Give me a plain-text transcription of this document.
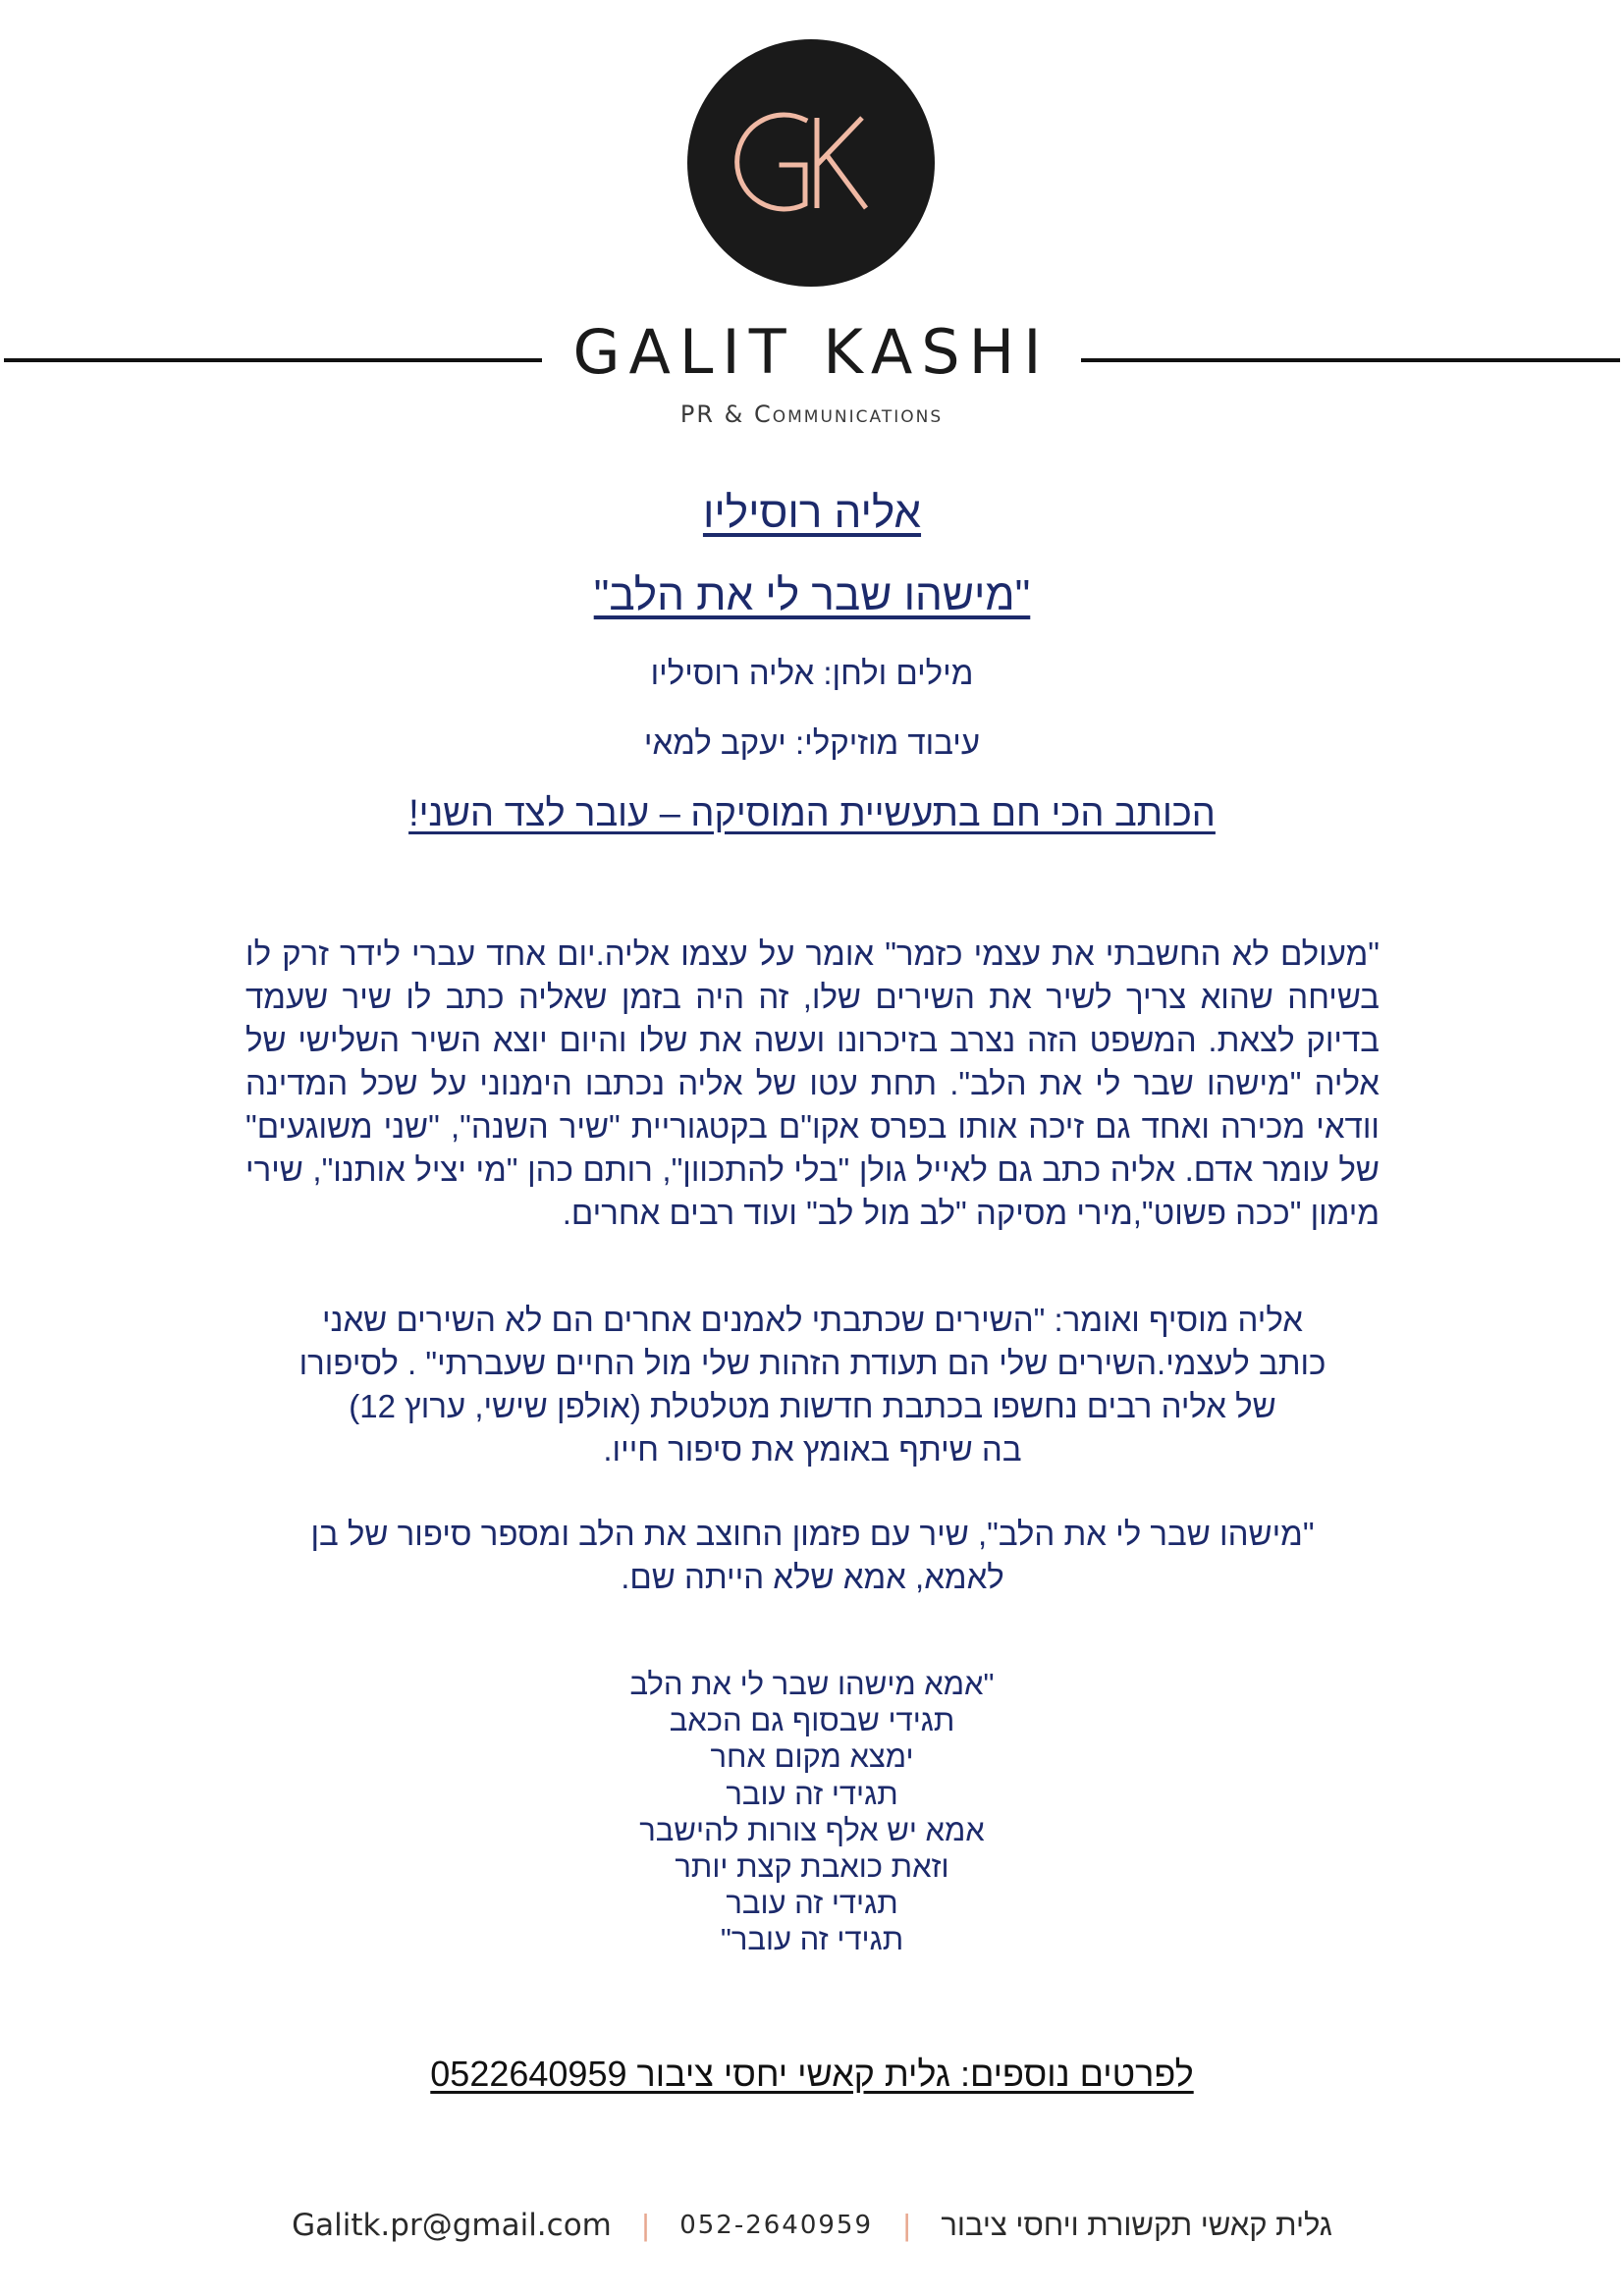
GALIT KASHI
PR & Communications
אליה רוסיליו
"מישהו שבר לי את הלב"
מילים ולחן: אליה רוסיליו
עיבוד מוזיקלי: יעקב למאי
הכותב הכי חם בתעשיית המוסיקה – עובר לצד השני!
"מעולם לא החשבתי את עצמי כזמר" אומר על עצמו אליה.יום אחד עברי לידר זרק לו בשיחה שהוא צריך לשיר את השירים שלו, זה היה בזמן שאליה כתב לו שיר שעמד בדיוק לצאת. המשפט הזה נצרב בזיכרונו ועשה את שלו והיום יוצא השיר השלישי של אליה "מישהו שבר לי את הלב". תחת עטו של אליה נכתבו הימנוני על שכל המדינה וודאי מכירה ואחד גם זיכה אותו בפרס אקו"ם בקטגוריית "שיר השנה", "שני משוגעים" של עומר אדם. אליה כתב גם לאייל גולן "בלי להתכוון", רותם כהן "מי יציל אותנו", שירי מימון "ככה פשוט",מירי מסיקה "לב מול לב" ועוד רבים אחרים.
אליה מוסיף ואומר: "השירים שכתבתי לאמנים אחרים הם לא השירים שאני
כותב לעצמי.השירים שלי הם תעודת הזהות שלי מול החיים שעברתי" . לסיפורו
של אליה רבים נחשפו בכתבת חדשות מטלטלת (אולפן שישי, ערוץ 12)
בה שיתף באומץ את סיפור חייו.
"מישהו שבר לי את הלב", שיר עם פזמון החוצב את הלב ומספר סיפור של בן
לאמא, אמא שלא הייתה שם.
"אמא מישהו שבר לי את הלב
תגידי שבסוף גם הכאב
ימצא מקום אחר
תגידי זה עובר
אמא יש אלף צורות להישבר
וזאת כואבת קצת יותר
תגידי זה עובר
תגידי זה עובר"
לפרטים נוספים: גלית קאשי יחסי ציבור 0522640959
Galitk.pr@gmail.com | 052-2640959 | גלית קאשי תקשורת ויחסי ציבור
